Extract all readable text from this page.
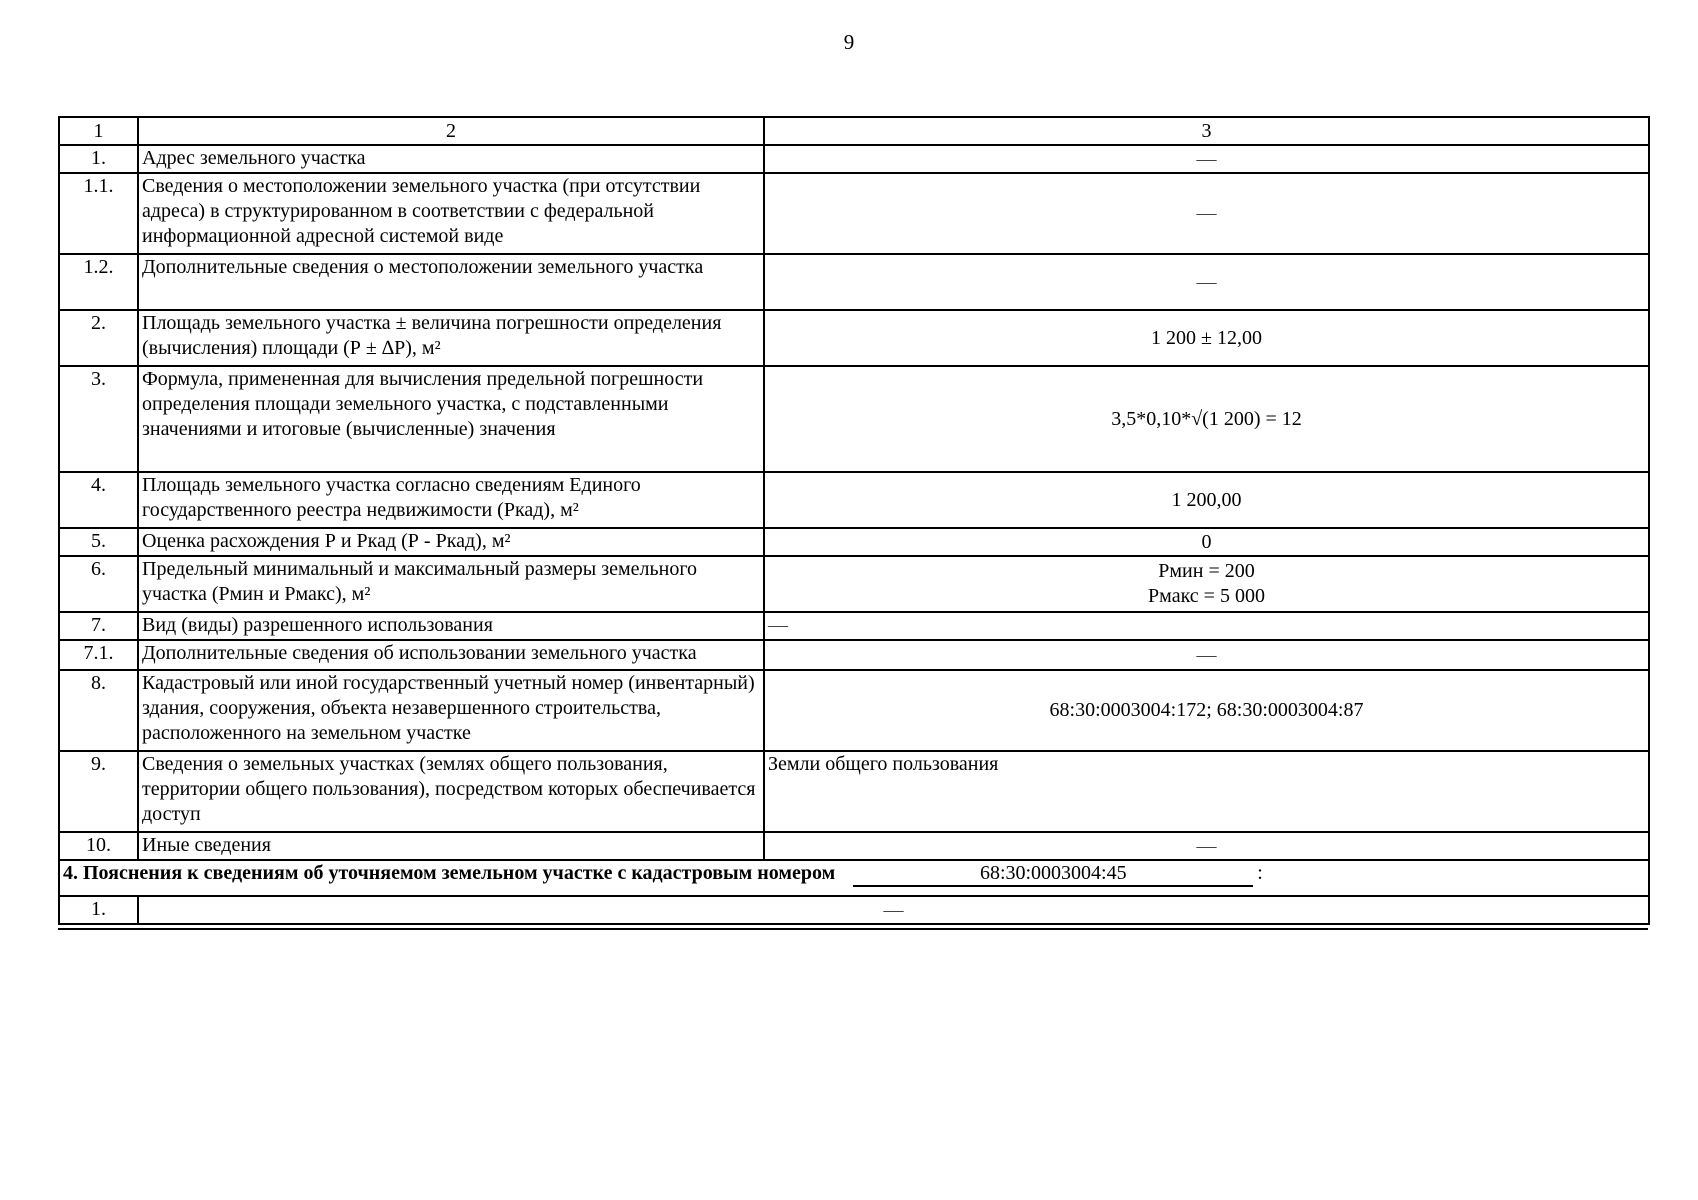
9
1	2	3
1.	Адрес земельного участка	—
1.1.	Сведения о местоположении земельного участка (при отсутствии адреса) в структурированном в соответствии с федеральной информационной адресной системой виде	—
1.2.	Дополнительные сведения о местоположении земельного участка	—
2.	Площадь земельного участка ± величина погрешности определения (вычисления) площади (Р ± ∆Р), м²	1 200 ± 12,00
3.	Формула, примененная для вычисления предельной погрешности определения площади земельного участка, с подставленными значениями и итоговые (вычисленные) значения	3,5*0,10*√(1 200) = 12
4.	Площадь земельного участка согласно сведениям Единого государственного реестра недвижимости (Ркад), м²	1 200,00
5.	Оценка расхождения Р и Ркад (Р - Ркад), м²	0
6.	Предельный минимальный и максимальный размеры земельного участка (Рмин и Рмакс), м²	Рмин = 200
Рмакс = 5 000

7.	Вид (виды) разрешенного использования	—
7.1.	Дополнительные сведения об использовании земельного участка	—
8.	Кадастровый или иной государственный учетный номер (инвентарный) здания, сооружения, объекта незавершенного строительства, расположенного на земельном участке	68:30:0003004:172; 68:30:0003004:87
9.	Сведения о земельных участках (землях общего пользования, территории общего пользования), посредством которых обеспечивается доступ	Земли общего пользования
10.	Иные сведения	—
4. Пояснения к сведениям об уточняемом земельном участке с кадастровым номером 68:30:0003004:45 :		
1.	—	
